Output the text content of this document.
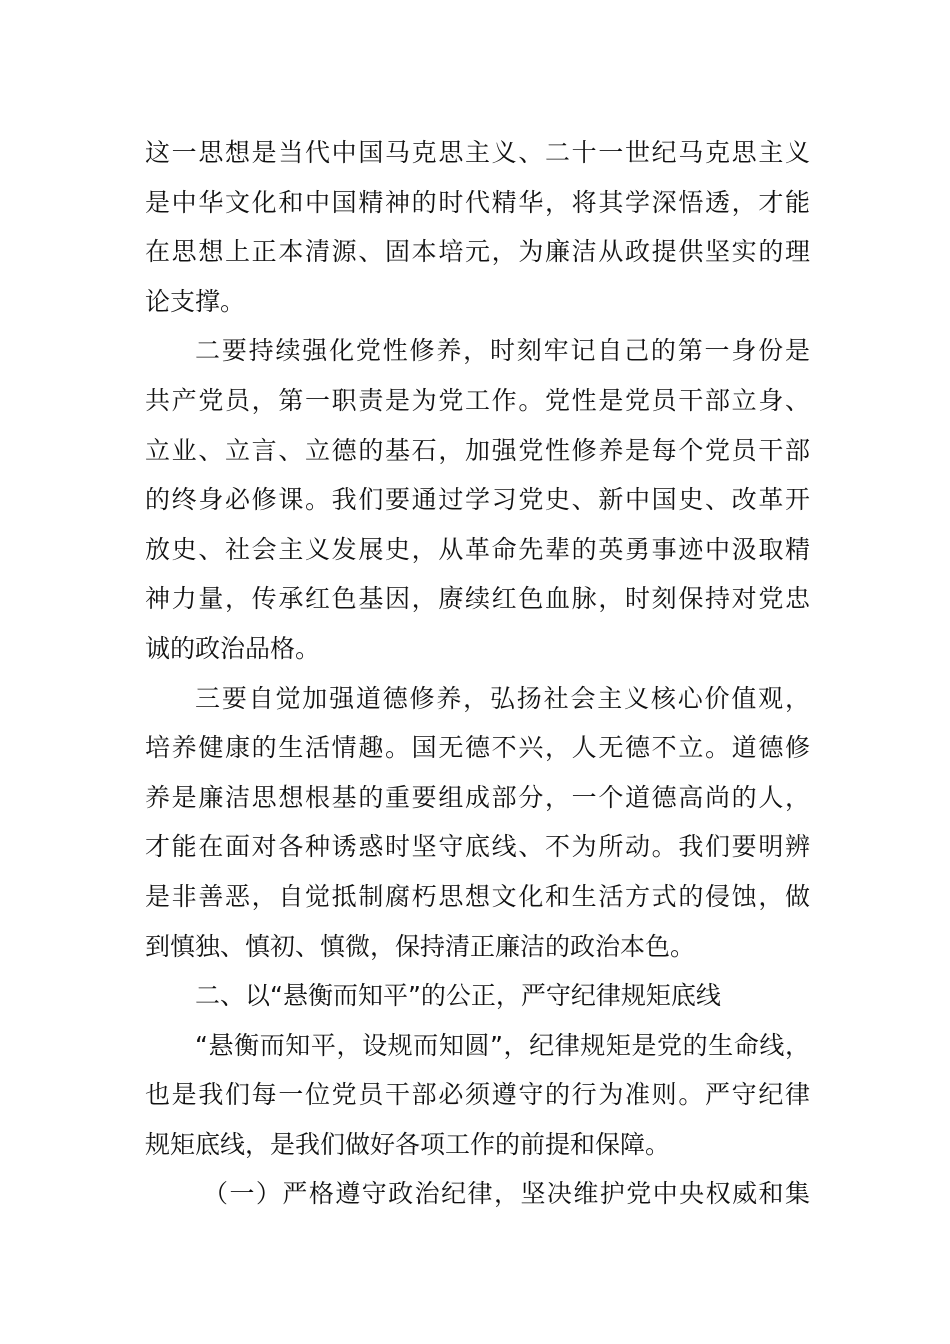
这一思想是当代中国马克思主义、二十一世纪马克思主义
是中华文化和中国精神的时代精华，将其学深悟透，才能
在思想上正本清源、固本培元，为廉洁从政提供坚实的理
论支撑。
二要持续强化党性修养，时刻牢记自己的第一身份是
共产党员，第一职责是为党工作。党性是党员干部立身、
立业、立言、立德的基石，加强党性修养是每个党员干部
的终身必修课。我们要通过学习党史、新中国史、改革开
放史、社会主义发展史，从革命先辈的英勇事迹中汲取精
神力量，传承红色基因，赓续红色血脉，时刻保持对党忠
诚的政治品格。
三要自觉加强道德修养，弘扬社会主义核心价值观，
培养健康的生活情趣。国无德不兴，人无德不立。道德修
养是廉洁思想根基的重要组成部分，一个道德高尚的人，
才能在面对各种诱惑时坚守底线、不为所动。我们要明辨
是非善恶，自觉抵制腐朽思想文化和生活方式的侵蚀，做
到慎独、慎初、慎微，保持清正廉洁的政治本色。
二、以“悬衡而知平”的公正，严守纪律规矩底线
“悬衡而知平，设规而知圆”，纪律规矩是党的生命线，
也是我们每一位党员干部必须遵守的行为准则。严守纪律
规矩底线，是我们做好各项工作的前提和保障。
（一）严格遵守政治纪律，坚决维护党中央权威和集
